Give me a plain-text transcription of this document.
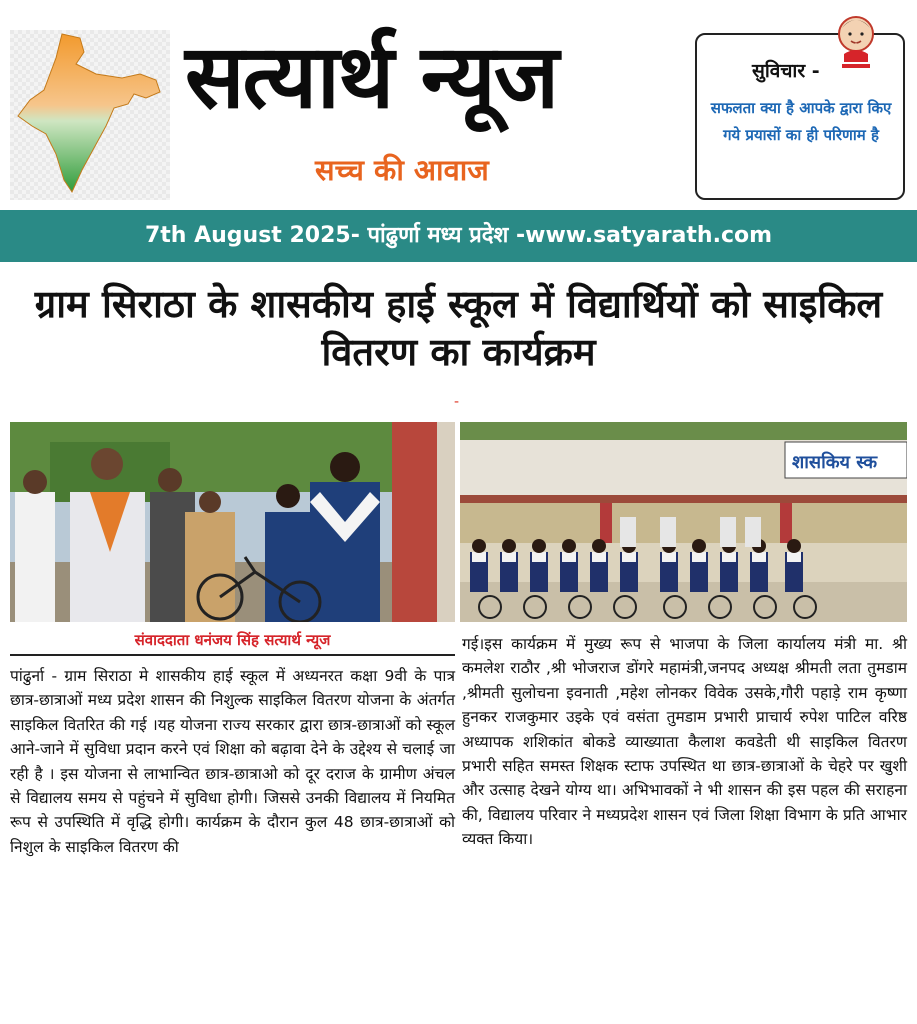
सत्यार्थ न्यूज
सच्च की आवाज
सुविचार -
सफलता क्या है आपके द्वारा किए गये प्रयासों का ही परिणाम है
7th August 2025- पांढुर्णा मध्य प्रदेश -www.satyarath.com
ग्राम सिराठा के शासकीय हाई स्कूल में विद्यार्थियों को साइकिल वितरण का कार्यक्रम
-
शासकिय स्क
संवाददाता धनंजय सिंह सत्यार्थ न्यूज
पांढुर्ना - ग्राम सिराठा मे शासकीय हाई स्कूल में अध्यनरत कक्षा 9वी के पात्र छात्र-छात्राओं मध्य प्रदेश शासन की निशुल्क साइकिल वितरण योजना के अंतर्गत साइकिल वितरित की गई ।यह योजना राज्य सरकार द्वारा छात्र-छात्राओं को स्कूल आने-जाने में सुविधा प्रदान करने एवं शिक्षा को बढ़ावा देने के उद्देश्य से चलाई जा रही है । इस योजना से लाभान्वित छात्र-छात्राओ को दूर दराज के ग्रामीण अंचल से विद्यालय समय से पहुंचने में सुविधा होगी। जिससे उनकी विद्यालय में नियमित रूप से उपस्थिति में वृद्धि होगी। कार्यक्रम के दौरान कुल 48 छात्र-छात्राओं को निशुल के साइकिल वितरण की
गई।इस कार्यक्रम में मुख्य रूप से भाजपा के जिला कार्यालय मंत्री मा. श्री कमलेश राठौर ,श्री भोजराज डोंगरे महामंत्री,जनपद अध्यक्ष श्रीमती लता तुमडाम ,श्रीमती सुलोचना इवनाती ,महेश लोनकर विवेक उसके,गौरी पहाड़े राम कृष्णा हुनकर राजकुमार उइके एवं वसंता तुमडाम प्रभारी प्राचार्य रुपेश पाटिल वरिष्ठ अध्यापक शशिकांत बोकडे व्याख्याता कैलाश कवडेती थी साइकिल वितरण प्रभारी सहित समस्त शिक्षक स्टाफ उपस्थित था छात्र-छात्राओं के चेहरे पर खुशी और उत्साह देखने योग्य था। अभिभावकों ने भी शासन की इस पहल की सराहना की, विद्यालय परिवार ने मध्यप्रदेश शासन एवं जिला शिक्षा विभाग के प्रति आभार व्यक्त किया।
